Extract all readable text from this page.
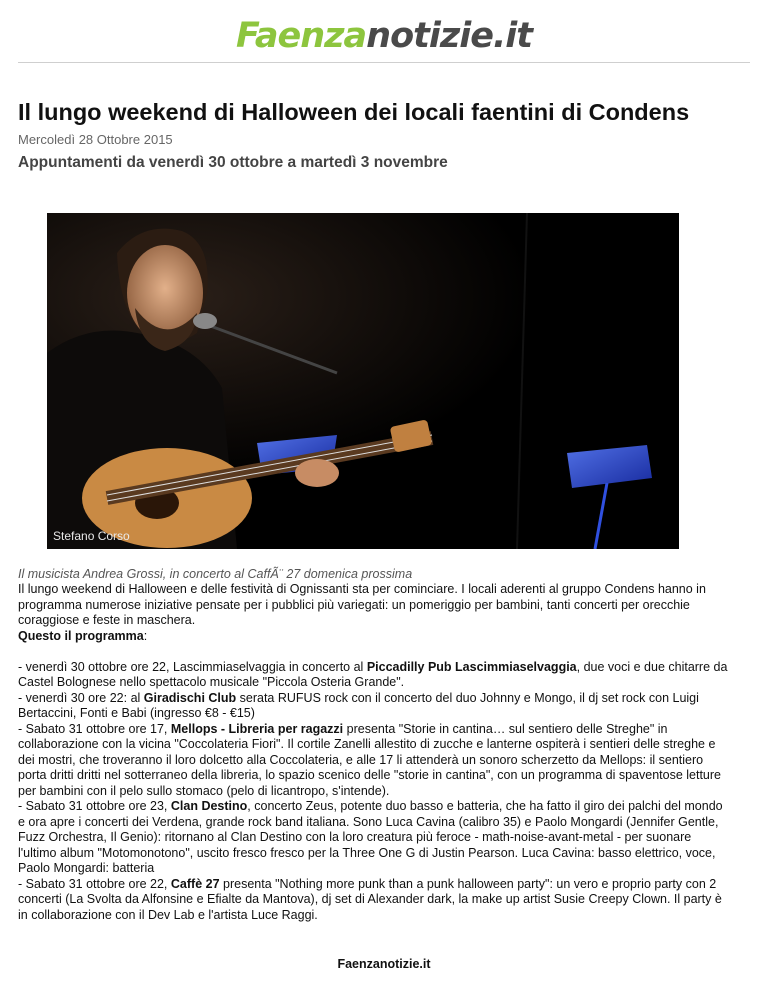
Faenzanotizie.it
Il lungo weekend di Halloween dei locali faentini di Condens
Mercoledì 28 Ottobre 2015
Appuntamenti da venerdì 30 ottobre a martedì 3 novembre
Stefano Corso
Il musicista Andrea Grossi, in concerto al CaffÃ¨ 27 domenica prossima

Il lungo weekend di Halloween e delle festività di Ognissanti sta per cominciare. I locali aderenti al gruppo Condens hanno in programma numerose iniziative pensate per i pubblici più variegati: un pomeriggio per bambini, tanti concerti per orecchie coraggiose e feste in maschera.

Questo il programma:

- venerdì 30 ottobre ore 22, Lascimmiaselvaggia in concerto al Piccadilly Pub Lascimmiaselvaggia, due voci e due chitarre da Castel Bolognese nello spettacolo musicale "Piccola Osteria Grande".

- venerdì 30 ore 22: al Giradischi Club serata RUFUS rock con il concerto del duo Johnny e Mongo, il dj set rock con Luigi Bertaccini, Fonti e Babi (ingresso €8 - €15)

- Sabato 31 ottobre ore 17, Mellops - Libreria per ragazzi presenta "Storie in cantina… sul sentiero delle Streghe" in collaborazione con la vicina "Coccolateria Fiori". Il cortile Zanelli allestito di zucche e lanterne ospiterà i sentieri delle streghe e dei mostri, che troveranno il loro dolcetto alla Coccolateria, e alle 17 li attenderà un sonoro scherzetto da Mellops: il sentiero porta dritti dritti nel sotterraneo della libreria, lo spazio scenico delle "storie in cantina", con un programma di spaventose letture per bambini con il pelo sullo stomaco (pelo di licantropo, s'intende).

- Sabato 31 ottobre ore 23, Clan Destino, concerto Zeus, potente duo basso e batteria, che ha fatto il giro dei palchi del mondo e ora apre i concerti dei Verdena, grande rock band italiana. Sono Luca Cavina (calibro 35) e Paolo Mongardi (Jennifer Gentle, Fuzz Orchestra, Il Genio): ritornano al Clan Destino con la loro creatura più feroce - math-noise-avant-metal - per suonare l'ultimo album "Motomonotono", uscito fresco fresco per la Three One G di Justin Pearson. Luca Cavina: basso elettrico, voce, Paolo Mongardi: batteria

- Sabato 31 ottobre ore 22, Caffè 27 presenta "Nothing more punk than a punk halloween party": un vero e proprio party con 2 concerti (La Svolta da Alfonsine e Efialte da Mantova), dj set di Alexander dark, la make up artist Susie Creepy Clown. Il party è in collaborazione con il Dev Lab e l'artista Luce Raggi.

Faenzanotizie.it
